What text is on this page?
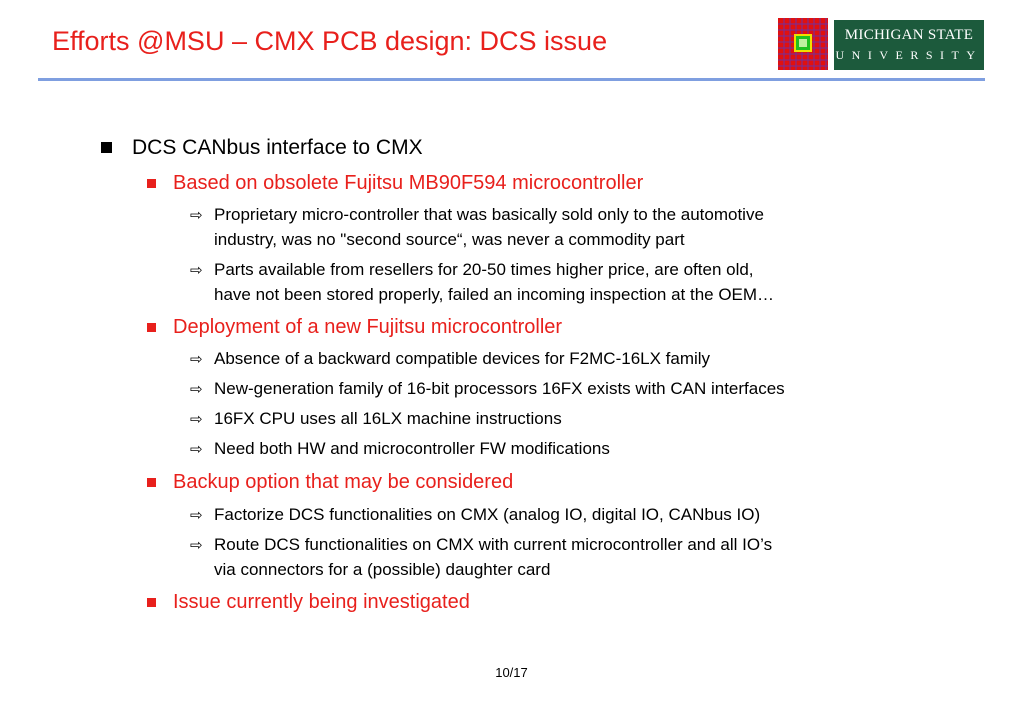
Efforts @MSU – CMX PCB design: DCS issue	MICHIGAN STATE
UNIVERSITY

DCS CANbus interface to CMX

Based on obsolete Fujitsu MB90F594 microcontroller

⇨ Proprietary micro-controller that was basically sold only to the automotive

industry, was no "second source“, was never a commodity part

⇨ Parts available from resellers for 20-50 times higher price, are often old,

have not been stored properly, failed an incoming inspection at the OEM…

Deployment of a new Fujitsu microcontroller

⇨ Absence of a backward compatible devices for F2MC-16LX family

⇨ New-generation family of 16-bit processors 16FX exists with CAN interfaces

⇨ 16FX CPU uses all 16LX machine instructions

⇨ Need both HW and microcontroller FW modifications

Backup option that may be considered

⇨ Factorize DCS functionalities on CMX (analog IO, digital IO, CANbus IO)

⇨ Route DCS functionalities on CMX with current microcontroller and all IO’s

via connectors for a (possible) daughter card

Issue currently being investigated

10/17
